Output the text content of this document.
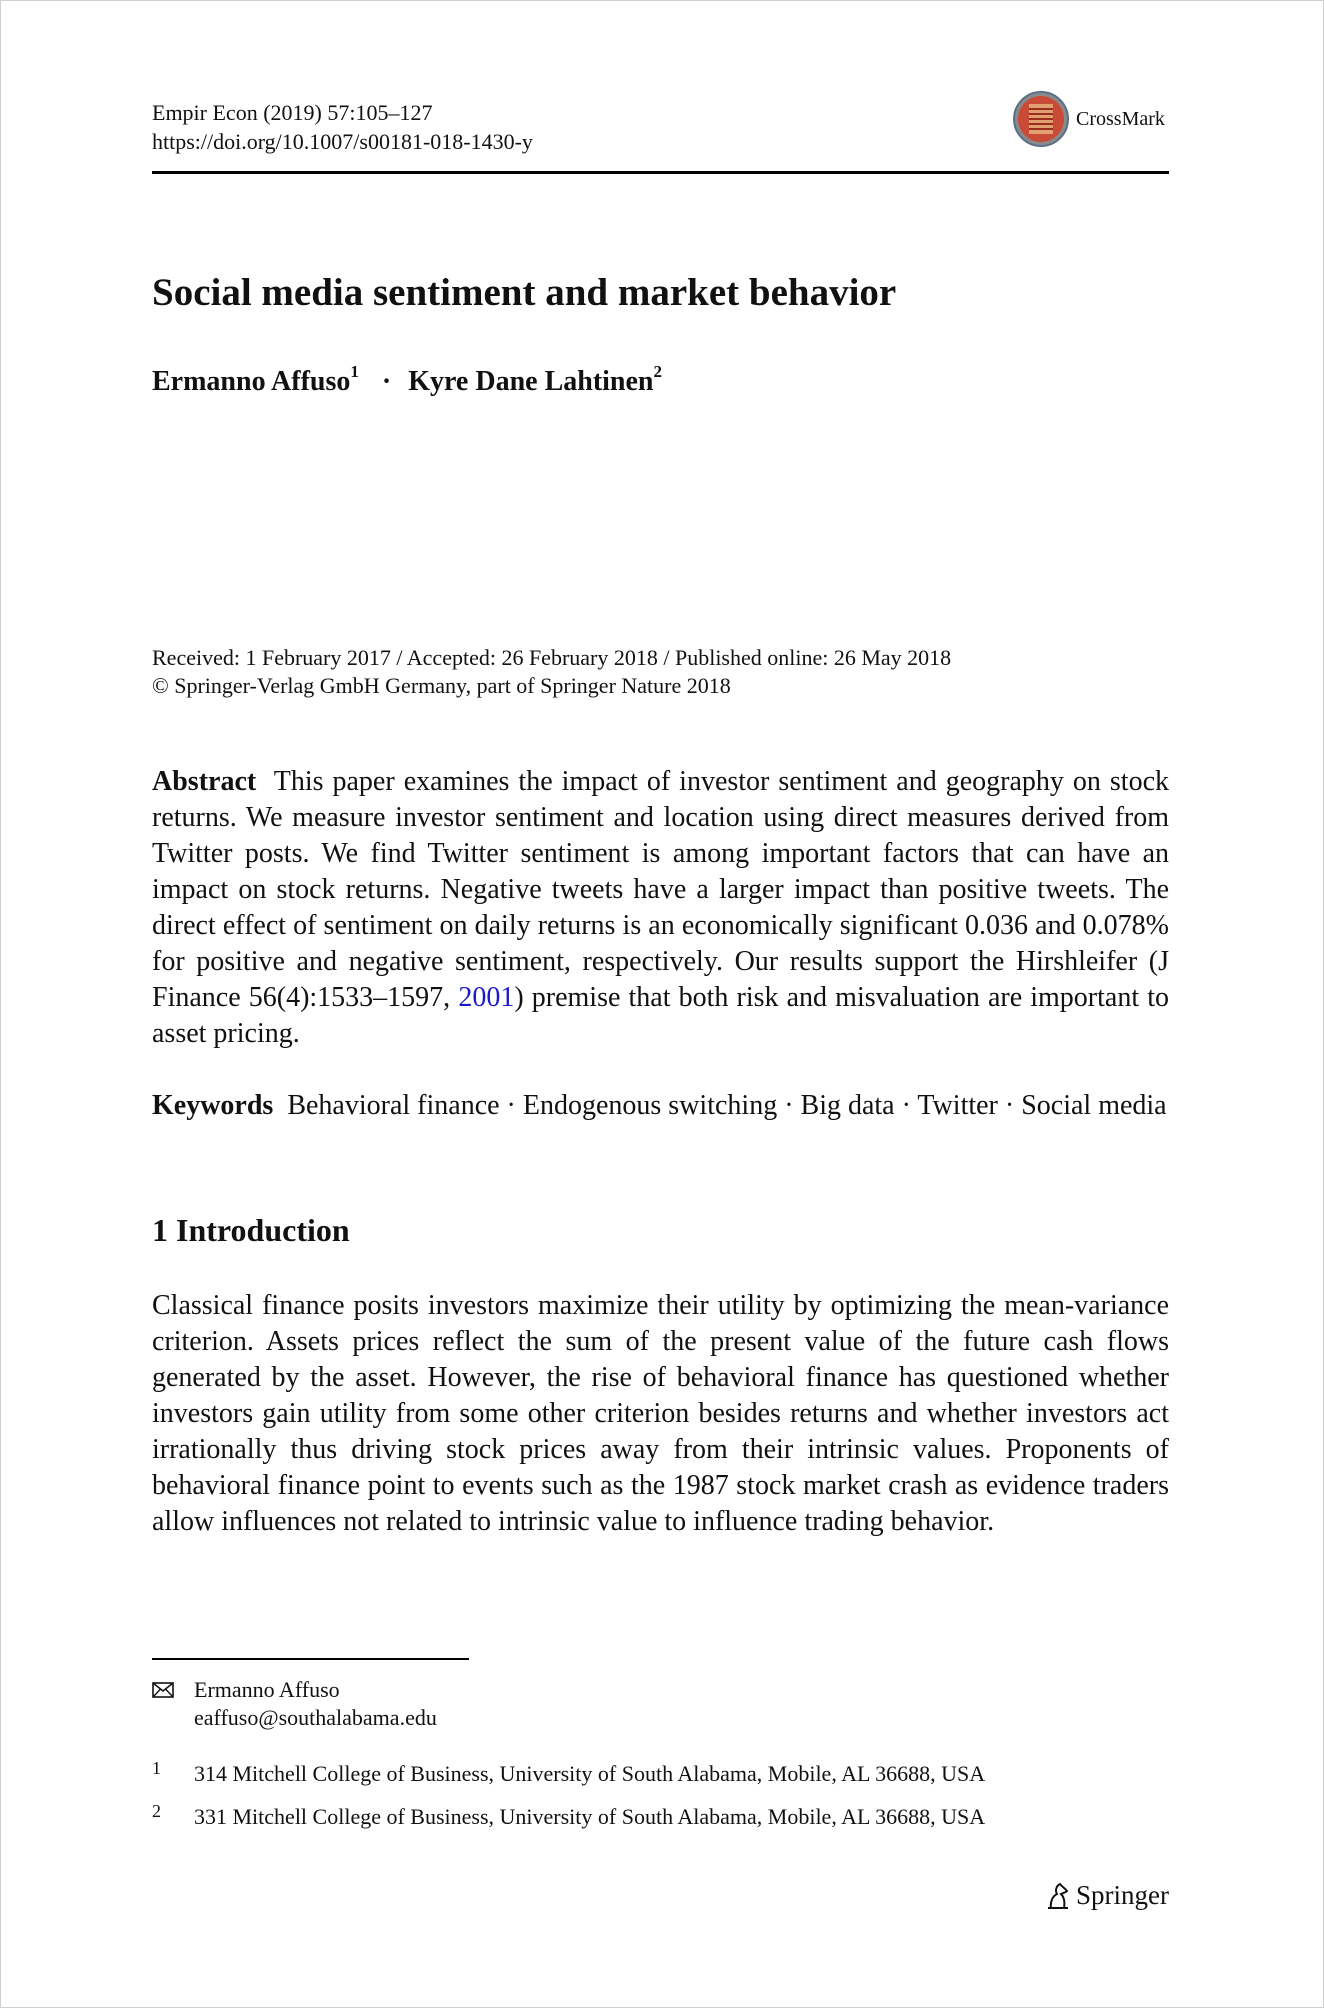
Empir Econ (2019) 57:105–127
https://doi.org/10.1007/s00181-018-1430-y
CrossMark
Social media sentiment and market behavior
Ermanno Affuso$^1$ · Kyre Dane Lahtinen$^2$
Received: 1 February 2017 / Accepted: 26 February 2018 / Published online: 26 May 2018
© Springer-Verlag GmbH Germany, part of Springer Nature 2018
Abstract This paper examines the impact of investor sentiment and geography on stock returns. We measure investor sentiment and location using direct measures derived from Twitter posts. We find Twitter sentiment is among important factors that can have an impact on stock returns. Negative tweets have a larger impact than positive tweets. The direct effect of sentiment on daily returns is an economically significant 0.036 and 0.078% for positive and negative sentiment, respectively. Our results support the Hirshleifer (J Finance 56(4):1533–1597, 2001) premise that both risk and misvaluation are important to asset pricing.
Keywords Behavioral finance · Endogenous switching · Big data · Twitter · Social media
1 Introduction
Classical finance posits investors maximize their utility by optimizing the mean-variance criterion. Assets prices reflect the sum of the present value of the future cash flows generated by the asset. However, the rise of behavioral finance has questioned whether investors gain utility from some other criterion besides returns and whether investors act irrationally thus driving stock prices away from their intrinsic values. Proponents of behavioral finance point to events such as the 1987 stock market crash as evidence traders allow influences not related to intrinsic value to influence trading behavior.
Ermanno Affuso
eaffuso@southalabama.edu
1	314 Mitchell College of Business, University of South Alabama, Mobile, AL 36688, USA
2	331 Mitchell College of Business, University of South Alabama, Mobile, AL 36688, USA
Springer
